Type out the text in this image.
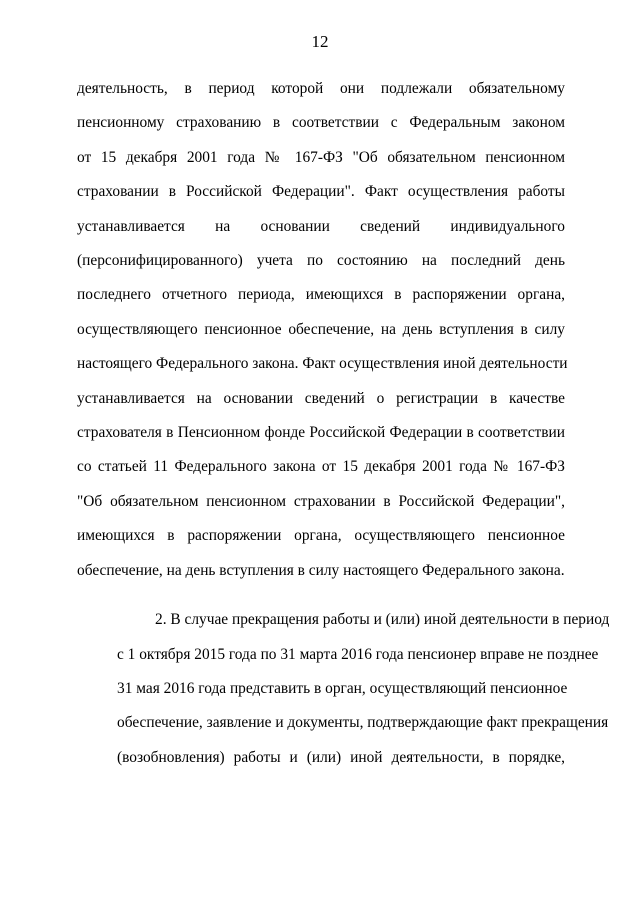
12
деятельность, в период которой они подлежали обязательному
пенсионному страхованию в соответствии с Федеральным законом
от 15 декабря 2001 года № 167-ФЗ "Об обязательном пенсионном
страховании в Российской Федерации". Факт осуществления работы
устанавливается на основании сведений индивидуального
(персонифицированного) учета по состоянию на последний день
последнего отчетного периода, имеющихся в распоряжении органа,
осуществляющего пенсионное обеспечение, на день вступления в силу
настоящего Федерального закона. Факт осуществления иной деятельности
устанавливается на основании сведений о регистрации в качестве
страхователя в Пенсионном фонде Российской Федерации в соответствии
со статьей 11 Федерального закона от 15 декабря 2001 года № 167-ФЗ
"Об обязательном пенсионном страховании в Российской Федерации",
имеющихся в распоряжении органа, осуществляющего пенсионное
обеспечение, на день вступления в силу настоящего Федерального закона.
2. В случае прекращения работы и (или) иной деятельности в период
с 1 октября 2015 года по 31 марта 2016 года пенсионер вправе не позднее
31 мая 2016 года представить в орган, осуществляющий пенсионное
обеспечение, заявление и документы, подтверждающие факт прекращения
(возобновления) работы и (или) иной деятельности, в порядке,
